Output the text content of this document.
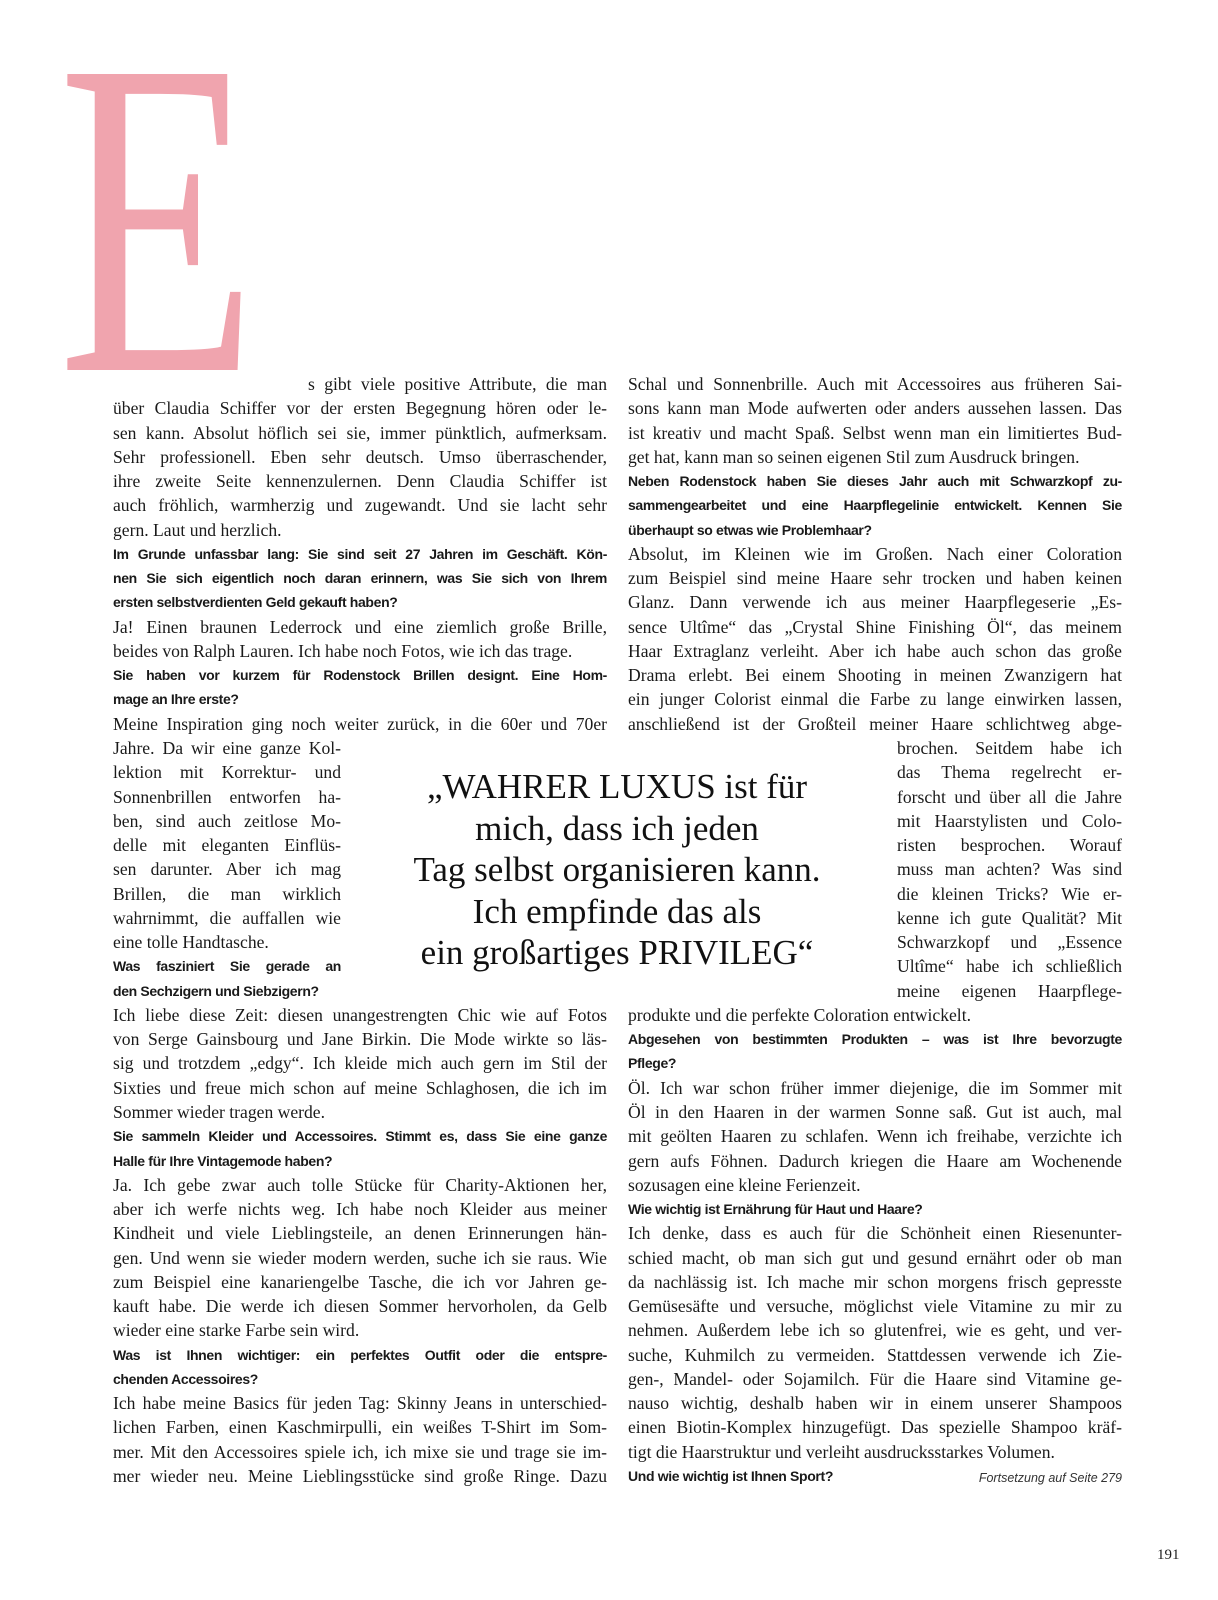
E	s gibt viele positive Attribute, die man
über Claudia Schiffer vor der ersten Begegnung hören oder le-
sen kann. Absolut höflich sei sie, immer pünktlich, aufmerksam.
Sehr professionell. Eben sehr deutsch. Umso überraschender,
ihre zweite Seite kennenzulernen. Denn Claudia Schiffer ist
auch fröhlich, warmherzig und zugewandt. Und sie lacht sehr
gern. Laut und herzlich.
Im Grunde unfassbar lang: Sie sind seit 27 Jahren im Geschäft. Kön-
nen Sie sich eigentlich noch daran erinnern, was Sie sich von Ihrem
ersten selbstverdienten Geld gekauft haben?
Ja! Einen braunen Lederrock und eine ziemlich große Brille,
beides von Ralph Lauren. Ich habe noch Fotos, wie ich das trage.
Sie haben vor kurzem für Rodenstock Brillen designt. Eine Hom-
mage an Ihre erste?
Meine Inspiration ging noch weiter zurück, in die 60er und 70er
Jahre. Da wir eine ganze Kol-
lektion mit Korrektur- und
Sonnenbrillen entworfen ha-
ben, sind auch zeitlose Mo-
delle mit eleganten Einflüs-
sen darunter. Aber ich mag
Brillen, die man wirklich
wahrnimmt, die auffallen wie
eine tolle Handtasche.
Was fasziniert Sie gerade an
den Sechzigern und Siebzigern?
Ich liebe diese Zeit: diesen unangestrengten Chic wie auf Fotos
von Serge Gainsbourg und Jane Birkin. Die Mode wirkte so läs-
sig und trotzdem „edgy“. Ich kleide mich auch gern im Stil der
Sixties und freue mich schon auf meine Schlaghosen, die ich im
Sommer wieder tragen werde.
Sie sammeln Kleider und Accessoires. Stimmt es, dass Sie eine ganze
Halle für Ihre Vintagemode haben?
Ja. Ich gebe zwar auch tolle Stücke für Charity-Aktionen her,
aber ich werfe nichts weg. Ich habe noch Kleider aus meiner
Kindheit und viele Lieblingsteile, an denen Erinnerungen hän-
gen. Und wenn sie wieder modern werden, suche ich sie raus. Wie
zum Beispiel eine kanariengelbe Tasche, die ich vor Jahren ge-
kauft habe. Die werde ich diesen Sommer hervorholen, da Gelb
wieder eine starke Farbe sein wird.
Was ist Ihnen wichtiger: ein perfektes Outfit oder die entspre-
chenden Accessoires?
Ich habe meine Basics für jeden Tag: Skinny Jeans in unterschied-
lichen Farben, einen Kaschmirpulli, ein weißes T-Shirt im Som-
mer. Mit den Accessoires spiele ich, ich mixe sie und trage sie im-
mer wieder neu. Meine Lieblingsstücke sind große Ringe. Dazu
Schal und Sonnenbrille. Auch mit Accessoires aus früheren Sai-
sons kann man Mode aufwerten oder anders aussehen lassen. Das
ist kreativ und macht Spaß. Selbst wenn man ein limitiertes Bud-
get hat, kann man so seinen eigenen Stil zum Ausdruck bringen.
Neben Rodenstock haben Sie dieses Jahr auch mit Schwarzkopf zu-
sammengearbeitet und eine Haarpflegelinie entwickelt. Kennen Sie
überhaupt so etwas wie Problemhaar?
Absolut, im Kleinen wie im Großen. Nach einer Coloration
zum Beispiel sind meine Haare sehr trocken und haben keinen
Glanz. Dann verwende ich aus meiner Haarpflegeserie „Es-
sence Ultîme“ das „Crystal Shine Finishing Öl“, das meinem
Haar Extraglanz verleiht. Aber ich habe auch schon das große
Drama erlebt. Bei einem Shooting in meinen Zwanzigern hat
ein junger Colorist einmal die Farbe zu lange einwirken lassen,
anschließend ist der Großteil meiner Haare schlichtweg abge-
brochen. Seitdem habe ich
das Thema regelrecht er-
forscht und über all die Jahre
mit Haarstylisten und Colo-
risten besprochen. Worauf
muss man achten? Was sind
die kleinen Tricks? Wie er-
kenne ich gute Qualität? Mit
Schwarzkopf und „Essence
Ultîme“ habe ich schließlich
meine eigenen Haarpflege-
produkte und die perfekte Coloration entwickelt.
Abgesehen von bestimmten Produkten – was ist Ihre bevorzugte
Pflege?
Öl. Ich war schon früher immer diejenige, die im Sommer mit
Öl in den Haaren in der warmen Sonne saß. Gut ist auch, mal
mit geölten Haaren zu schlafen. Wenn ich freihabe, verzichte ich
gern aufs Föhnen. Dadurch kriegen die Haare am Wochenende
sozusagen eine kleine Ferienzeit.
Wie wichtig ist Ernährung für Haut und Haare?
Ich denke, dass es auch für die Schönheit einen Riesenunter-
schied macht, ob man sich gut und gesund ernährt oder ob man
da nachlässig ist. Ich mache mir schon morgens frisch gepresste
Gemüsesäfte und versuche, möglichst viele Vitamine zu mir zu
nehmen. Außerdem lebe ich so glutenfrei, wie es geht, und ver-
suche, Kuhmilch zu vermeiden. Stattdessen verwende ich Zie-
gen-, Mandel- oder Sojamilch. Für die Haare sind Vitamine ge-
nauso wichtig, deshalb haben wir in einem unserer Shampoos
einen Biotin-Komplex hinzugefügt. Das spezielle Shampoo kräf-
tigt die Haarstruktur und verleiht ausdrucksstarkes Volumen.
Und wie wichtig ist Ihnen Sport?
„WAHRER LUXUS ist für
mich, dass ich jeden
Tag selbst organisieren kann.
Ich empfinde das als
ein großartiges PRIVILEG“
Fortsetzung auf Seite 279
191
